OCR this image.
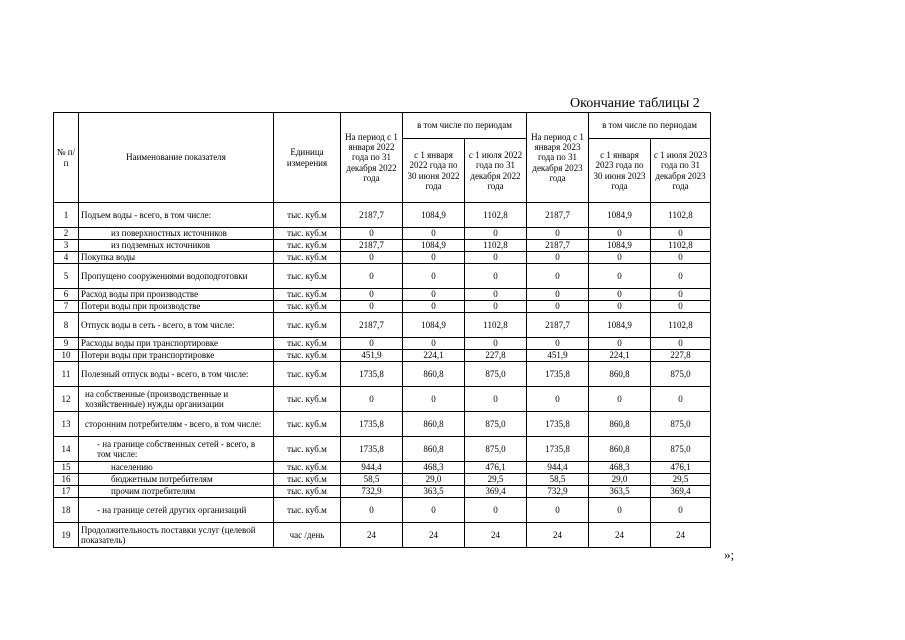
Окончание таблицы 2
№ п/п	Наименование показателя	Единица измерения	На период с 1 января 2022 года по 31 декабря 2022 года	в том числе по периодам		На период с 1 января 2023 года по 31 декабря 2023 года	в том числе по периодам	
				с 1 января 2022 года по 30 июня 2022 года	с 1 июля 2022 года по 31 декабря 2022 года		с 1 января 2023 года по 30 июня 2023 года	с 1 июля 2023 года по 31 декабря 2023 года
1	Подъем воды - всего, в том числе:	тыс. куб.м	2187,7	1084,9	1102,8	2187,7	1084,9	1102,8
2	из поверхностных источников	тыс. куб.м	0	0	0	0	0	0
3	из подземных источников	тыс. куб.м	2187,7	1084,9	1102,8	2187,7	1084,9	1102,8
4	Покупка воды	тыс. куб.м	0	0	0	0	0	0
5	Пропущено сооружениями водоподготовки	тыс. куб.м	0	0	0	0	0	0
6	Расход воды при производстве	тыс. куб.м	0	0	0	0	0	0
7	Потери воды при производстве	тыс. куб.м	0	0	0	0	0	0
8	Отпуск воды в сеть - всего, в том числе:	тыс. куб.м	2187,7	1084,9	1102,8	2187,7	1084,9	1102,8
9	Расходы воды при транспортировке	тыс. куб.м	0	0	0	0	0	0
10	Потери воды при транспортировке	тыс. куб.м	451,9	224,1	227,8	451,9	224,1	227,8
11	Полезный отпуск воды - всего, в том числе:	тыс. куб.м	1735,8	860,8	875,0	1735,8	860,8	875,0
12	на собственные (производственные и хозяйственные) нужды организации	тыс. куб.м	0	0	0	0	0	0
13	сторонним потребителям - всего, в том числе:	тыс. куб.м	1735,8	860,8	875,0	1735,8	860,8	875,0
14	- на границе собственных сетей - всего, в том числе:	тыс. куб.м	1735,8	860,8	875,0	1735,8	860,8	875,0
15	населению	тыс. куб.м	944,4	468,3	476,1	944,4	468,3	476,1
16	бюджетным потребителям	тыс. куб.м	58,5	29,0	29,5	58,5	29,0	29,5
17	прочим потребителям	тыс. куб.м	732,9	363,5	369,4	732,9	363,5	369,4
18	- на границе сетей других организаций	тыс. куб.м	0	0	0	0	0	0
19	Продолжительность поставки услуг (целевой показатель)	час /день	24	24	24	24	24	24
»;
